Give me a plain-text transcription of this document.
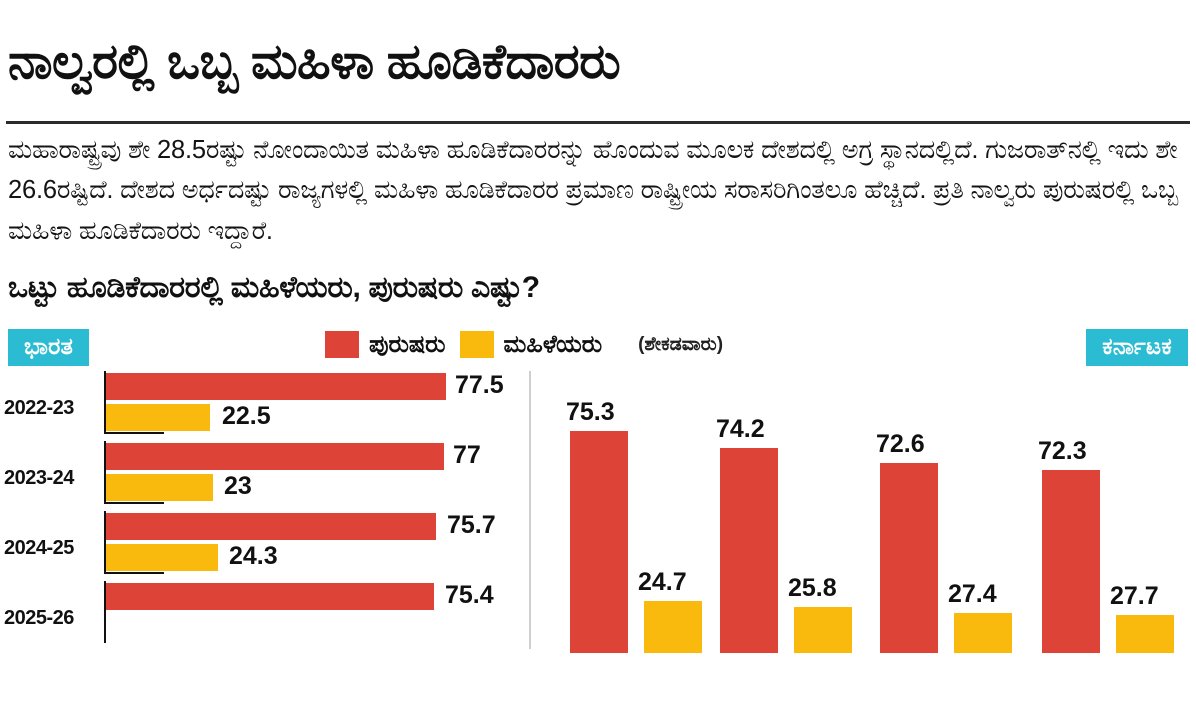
ನಾಲ್ವರಲ್ಲಿ ಒಬ್ಬ ಮಹಿಳಾ ಹೂಡಿಕೆದಾರರು

ಮಹಾರಾಷ್ಟ್ರವು ಶೇ 28.5ರಷ್ಟು ನೋಂದಾಯಿತ ಮಹಿಳಾ ಹೂಡಿಕೆದಾರರನ್ನು ಹೊಂದುವ ಮೂಲಕ ದೇಶದಲ್ಲಿ ಅಗ್ರ ಸ್ಥಾನದಲ್ಲಿದೆ. ಗುಜರಾತ್‌ನಲ್ಲಿ ಇದು ಶೇ 26.6ರಷ್ಟಿದೆ. ದೇಶದ ಅರ್ಧದಷ್ಟು ರಾಜ್ಯಗಳಲ್ಲಿ ಮಹಿಳಾ ಹೂಡಿಕೆದಾರರ ಪ್ರಮಾಣ ರಾಷ್ಟ್ರೀಯ ಸರಾಸರಿಗಿಂತಲೂ ಹೆಚ್ಚಿದೆ. ಪ್ರತಿ ನಾಲ್ವರು ಪುರುಷರಲ್ಲಿ ಒಬ್ಬ ಮಹಿಳಾ ಹೂಡಿಕೆದಾರರು ಇದ್ದಾರೆ.

ಒಟ್ಟು ಹೂಡಿಕೆದಾರರಲ್ಲಿ ಮಹಿಳೆಯರು, ಪುರುಷರು ಎಷ್ಟು?
ಭಾರತ	ಪುರುಷರು ಮಹಿಳೆಯರು (ಶೇಕಡವಾರು)	ಕರ್ನಾಟಕ
2022-23
77.5
22.5
2023-24
77
23
2024-25
75.7
24.3
2025-26
75.4
75.3
24.7
74.2
25.8
72.6
27.4
72.3
27.7
